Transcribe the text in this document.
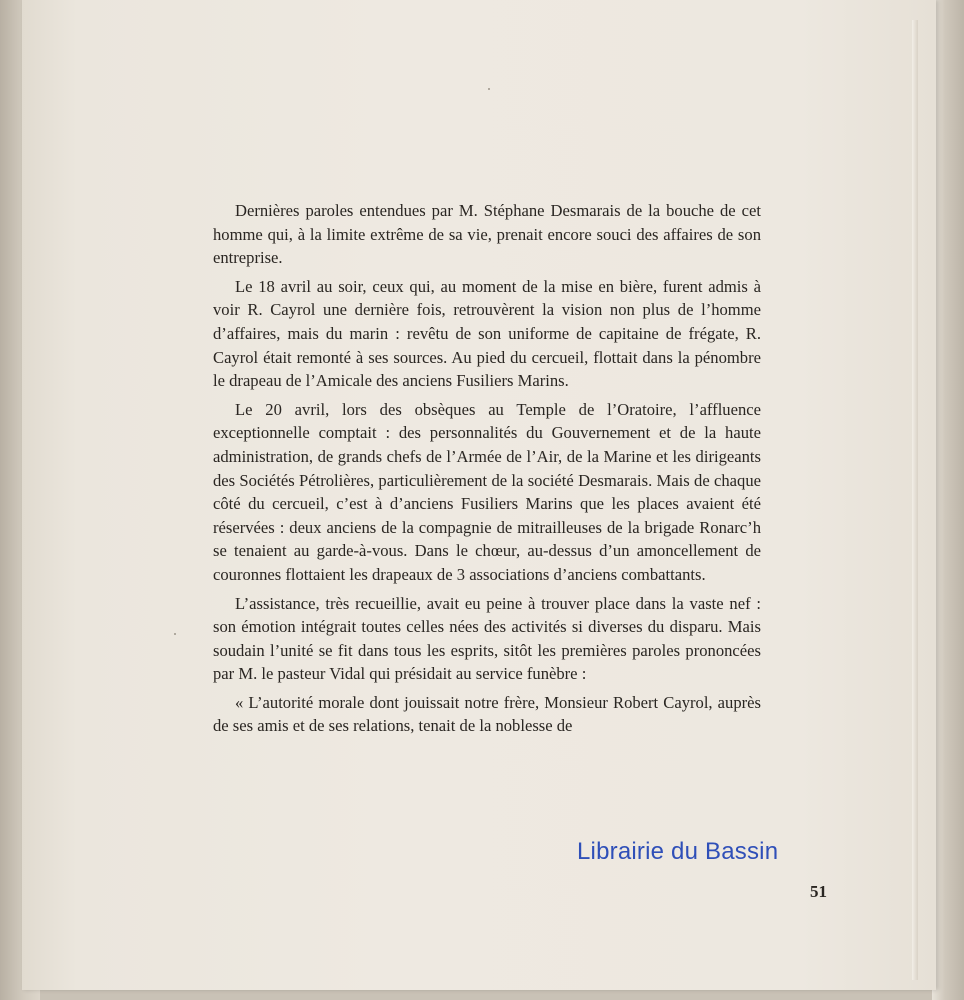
Dernières paroles entendues par M. Stéphane Desmarais de la bouche de cet homme qui, à la limite extrême de sa vie, prenait encore souci des affaires de son entreprise.

Le 18 avril au soir, ceux qui, au moment de la mise en bière, furent admis à voir R. Cayrol une dernière fois, retrouvèrent la vision non plus de l’homme d’affaires, mais du marin : revêtu de son uniforme de capitaine de frégate, R. Cayrol était remonté à ses sources. Au pied du cercueil, flottait dans la pénombre le drapeau de l’Amicale des anciens Fusiliers Marins.

Le 20 avril, lors des obsèques au Temple de l’Oratoire, l’affluence exceptionnelle comptait : des personnalités du Gouvernement et de la haute administration, de grands chefs de l’Armée de l’Air, de la Marine et les dirigeants des Sociétés Pétrolières, particulièrement de la société Desmarais. Mais de chaque côté du cercueil, c’est à d’anciens Fusiliers Marins que les places avaient été réservées : deux anciens de la compagnie de mitrailleuses de la brigade Ronarc’h se tenaient au garde-à-vous. Dans le chœur, au-dessus d’un amoncellement de couronnes flottaient les drapeaux de 3 associations d’anciens combattants.

L’assistance, très recueillie, avait eu peine à trouver place dans la vaste nef : son émotion intégrait toutes celles nées des activités si diverses du disparu. Mais soudain l’unité se fit dans tous les esprits, sitôt les premières paroles prononcées par M. le pasteur Vidal qui présidait au service funèbre :

« L’autorité morale dont jouissait notre frère, Monsieur Robert Cayrol, auprès de ses amis et de ses relations, tenait de la noblesse de

Librairie du Bassin
51
